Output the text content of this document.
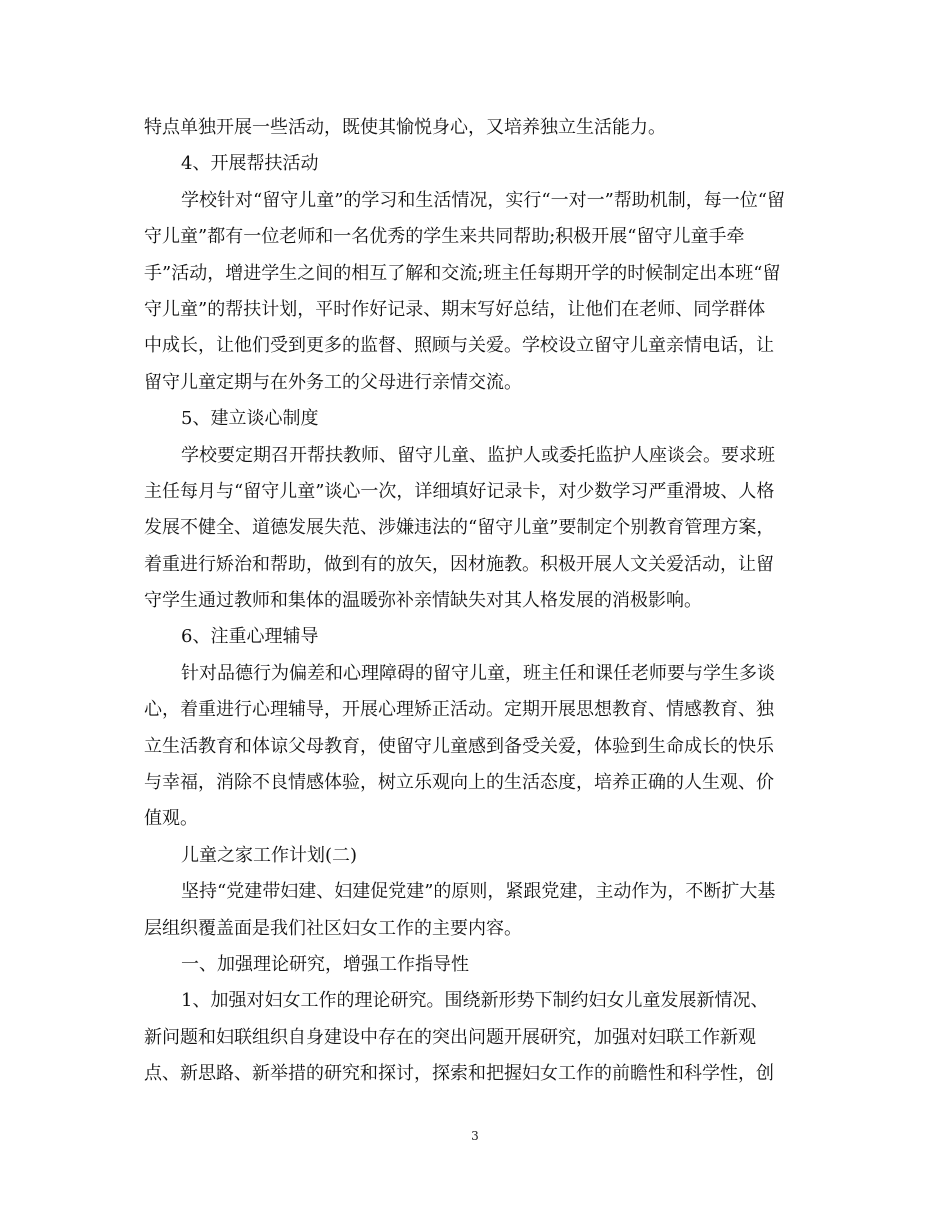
特点单独开展一些活动，既使其愉悦身心，又培养独立生活能力。
4、开展帮扶活动
学校针对“留守儿童”的学习和生活情况，实行“一对一”帮助机制，每一位“留
守儿童”都有一位老师和一名优秀的学生来共同帮助;积极开展“留守儿童手牵
手”活动，增进学生之间的相互了解和交流;班主任每期开学的时候制定出本班“留
守儿童”的帮扶计划，平时作好记录、期末写好总结，让他们在老师、同学群体
中成长，让他们受到更多的监督、照顾与关爱。学校设立留守儿童亲情电话，让
留守儿童定期与在外务工的父母进行亲情交流。
5、建立谈心制度
学校要定期召开帮扶教师、留守儿童、监护人或委托监护人座谈会。要求班
主任每月与“留守儿童”谈心一次，详细填好记录卡，对少数学习严重滑坡、人格
发展不健全、道德发展失范、涉嫌违法的“留守儿童”要制定个别教育管理方案，
着重进行矫治和帮助，做到有的放矢，因材施教。积极开展人文关爱活动，让留
守学生通过教师和集体的温暖弥补亲情缺失对其人格发展的消极影响。
6、注重心理辅导
针对品德行为偏差和心理障碍的留守儿童，班主任和课任老师要与学生多谈
心，着重进行心理辅导，开展心理矫正活动。定期开展思想教育、情感教育、独
立生活教育和体谅父母教育，使留守儿童感到备受关爱，体验到生命成长的快乐
与幸福，消除不良情感体验，树立乐观向上的生活态度，培养正确的人生观、价
值观。
儿童之家工作计划(二)
坚持“党建带妇建、妇建促党建”的原则，紧跟党建，主动作为，不断扩大基
层组织覆盖面是我们社区妇女工作的主要内容。
一、加强理论研究，增强工作指导性
1、加强对妇女工作的理论研究。围绕新形势下制约妇女儿童发展新情况、
新问题和妇联组织自身建设中存在的突出问题开展研究，加强对妇联工作新观
点、新思路、新举措的研究和探讨，探索和把握妇女工作的前瞻性和科学性，创
3
